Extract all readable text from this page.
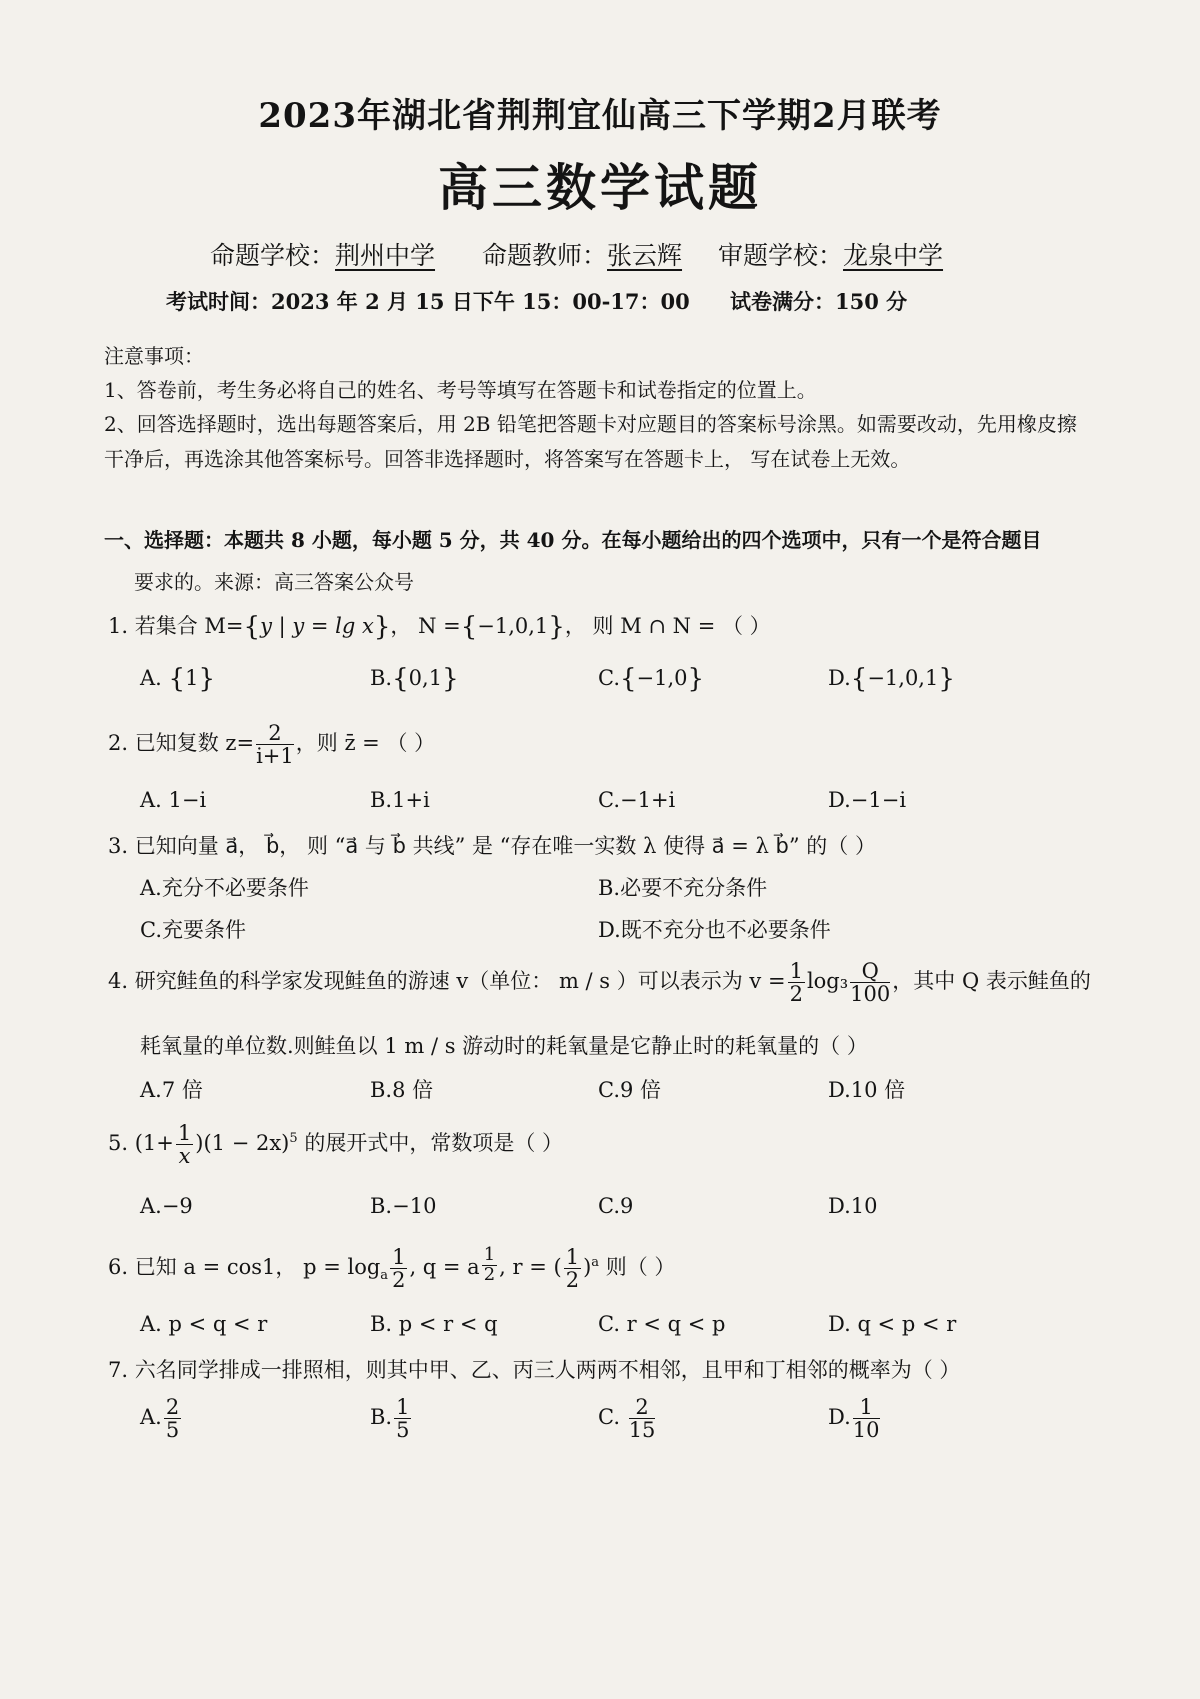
2023年湖北省荆荆宜仙高三下学期2月联考
高三数学试题
命题学校：荆州中学 命题教师：张云辉 审题学校：龙泉中学
考试时间：2023 年 2 月 15 日下午 15：00-17：00 试卷满分：150 分
注意事项：
1、答卷前，考生务必将自己的姓名、考号等填写在答题卡和试卷指定的位置上。
2、回答选择题时，选出每题答案后，用 2B 铅笔把答题卡对应题目的答案标号涂黑。如需要改动，先用橡皮擦
干净后，再选涂其他答案标号。回答非选择题时，将答案写在答题卡上， 写在试卷上无效。
一、选择题：本题共 8 小题，每小题 5 分，共 40 分。在每小题给出的四个选项中，只有一个是符合题目
要求的。来源：高三答案公众号
1. 若集合 M={y | y = lg x}， N ={−1,0,1}， 则 M ∩ N = （ ）
A. {1}	B.{0,1}	C.{−1,0}	D.{−1,0,1}
2. 已知复数 $z= \frac{2}{i+1}$ ，则 z̄ = （ ）
A. 1−i	B.1+i	C.−1+i	D.−1−i
3. 已知向量 a⃗， b⃗， 则 “a⃗ 与 b⃗ 共线” 是 “存在唯一实数 λ 使得 a⃗ = λ b⃗” 的（ ）
A.充分不必要条件	B.必要不充分条件
C.充要条件	D.既不充分也不必要条件
4. 研究鲑鱼的科学家发现鲑鱼的游速 v（单位： m / s ）可以表示为 $v = \frac{1}{2} \log_3 \frac{Q}{100}$ ，其中 Q 表示鲑鱼的
耗氧量的单位数.则鲑鱼以 1 m / s 游动时的耗氧量是它静止时的耗氧量的（ ）
A.7 倍	B.8 倍	C.9 倍	D.10 倍
5. $(1+ \frac{1}{x})(1 - 2x)^5$ 的展开式中，常数项是（ ）
A.−9	B.−10	C.9	D.10
6. 已知 a = cos1， $p = \log_a \frac{1}{2}$ , q = a $\frac{1}{2}$ , r = ( $\frac{1}{2} )^a$ 则（ ）
A. p < q < r	B. p < r < q	C. r < q < p	D. q < p < r
7. 六名同学排成一排照相，则其中甲、乙、丙三人两两不相邻，且甲和丁相邻的概率为（ ）
A. $\frac{2}{5}$	B. $\frac{1}{5}$	C. $\frac{2}{15}$	D. $\frac{1}{10}$
